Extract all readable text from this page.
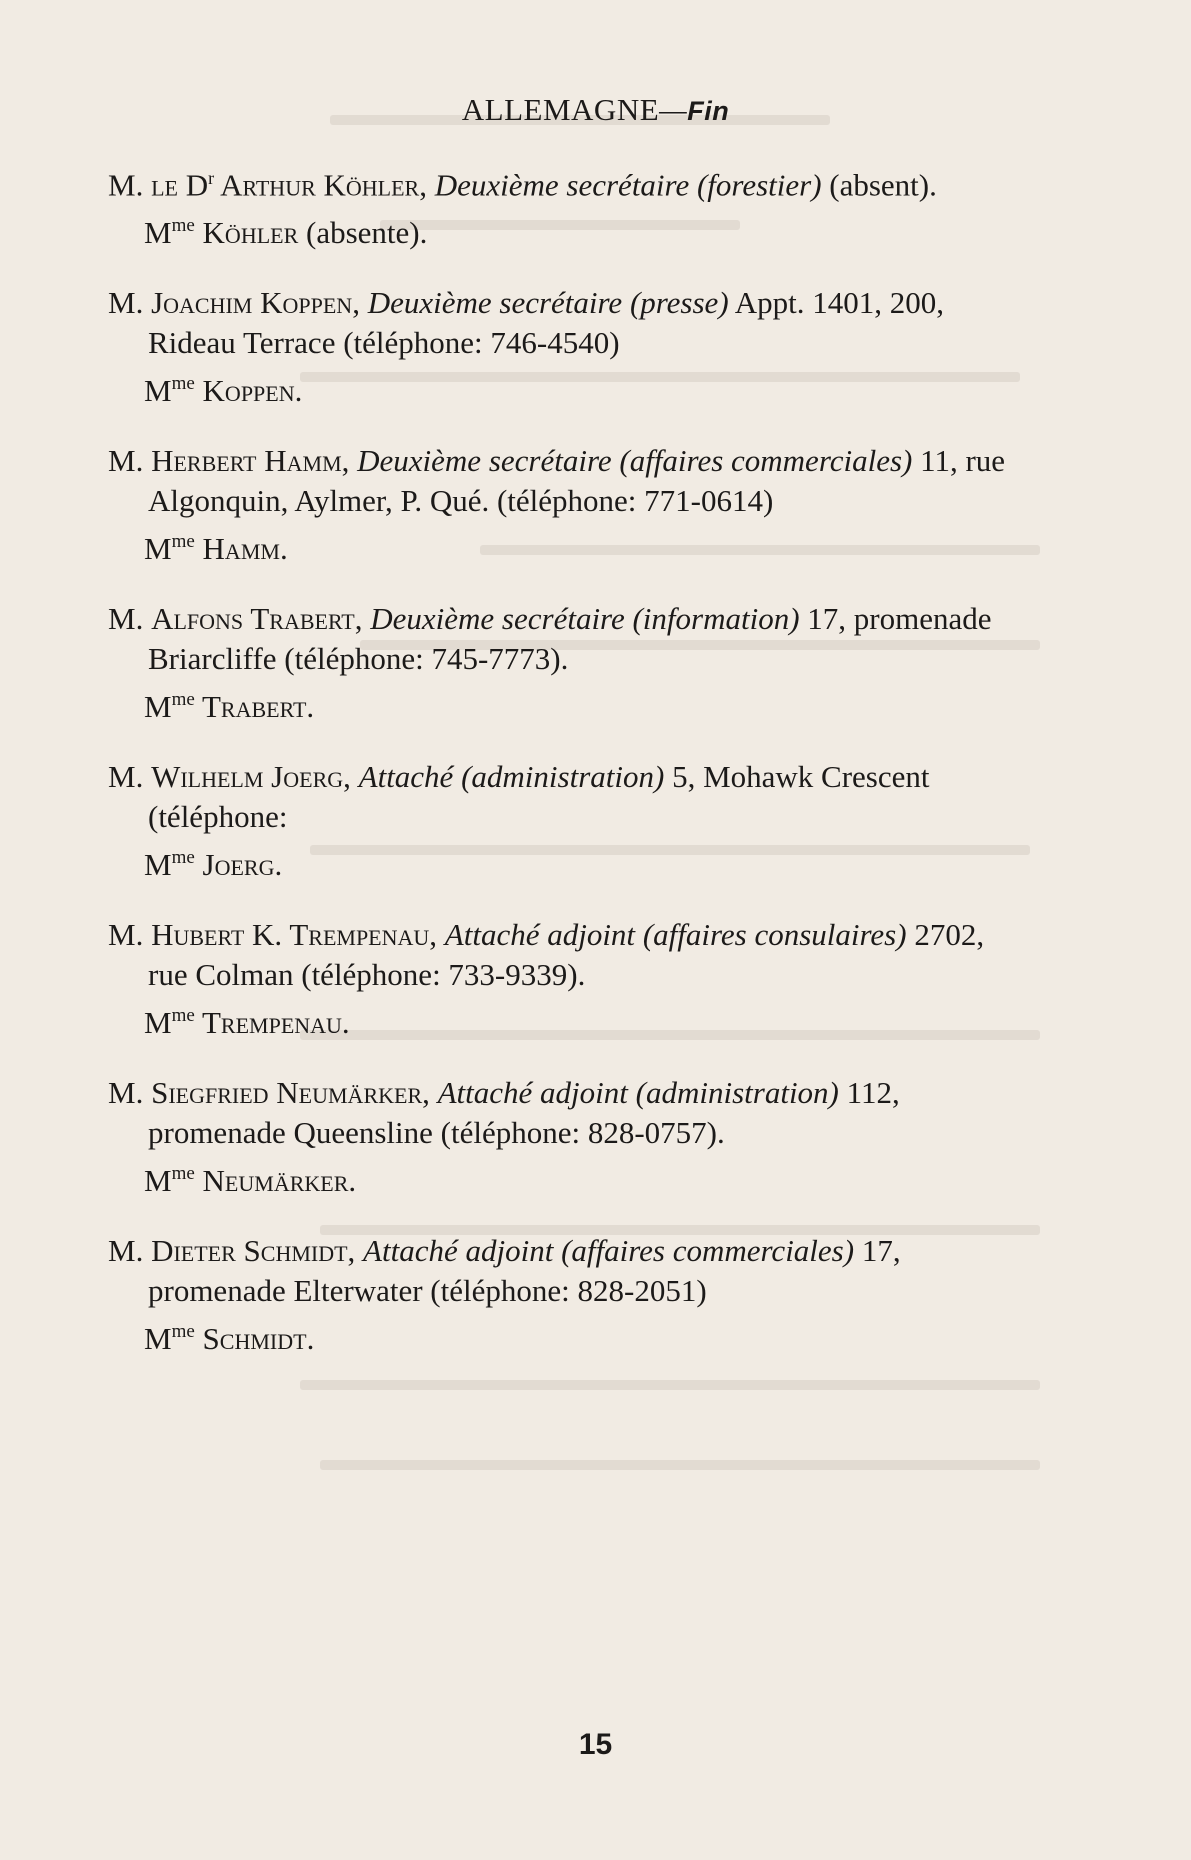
ALLEMAGNE—Fin
M. le $D^r$ Arthur Köhler, Deuxième secrétaire (forestier) (absent).
$M^{me}$ Köhler (absente).
M. Joachim Koppen, Deuxième secrétaire (presse) Appt. 1401, 200, Rideau Terrace (téléphone: 746-4540)
$M^{me}$ Koppen.
M. Herbert Hamm, Deuxième secrétaire (affaires commerciales) 11, rue Algonquin, Aylmer, P. Qué. (téléphone: 771-0614)
$M^{me}$ Hamm.
M. Alfons Trabert, Deuxième secrétaire (information) 17, promenade Briarcliffe (téléphone: 745-7773).
$M^{me}$ Trabert.
M. Wilhelm Joerg, Attaché (administration) 5, Mohawk Crescent (téléphone:
$M^{me}$ Joerg.
M. Hubert K. Trempenau, Attaché adjoint (affaires consulaires) 2702, rue Colman (téléphone: 733-9339).
$M^{me}$ Trempenau.
M. Siegfried Neumärker, Attaché adjoint (administration) 112, promenade Queensline (téléphone: 828-0757).
$M^{me}$ Neumärker.
M. Dieter Schmidt, Attaché adjoint (affaires commerciales) 17, promenade Elterwater (téléphone: 828-2051)
$M^{me}$ Schmidt.
15
